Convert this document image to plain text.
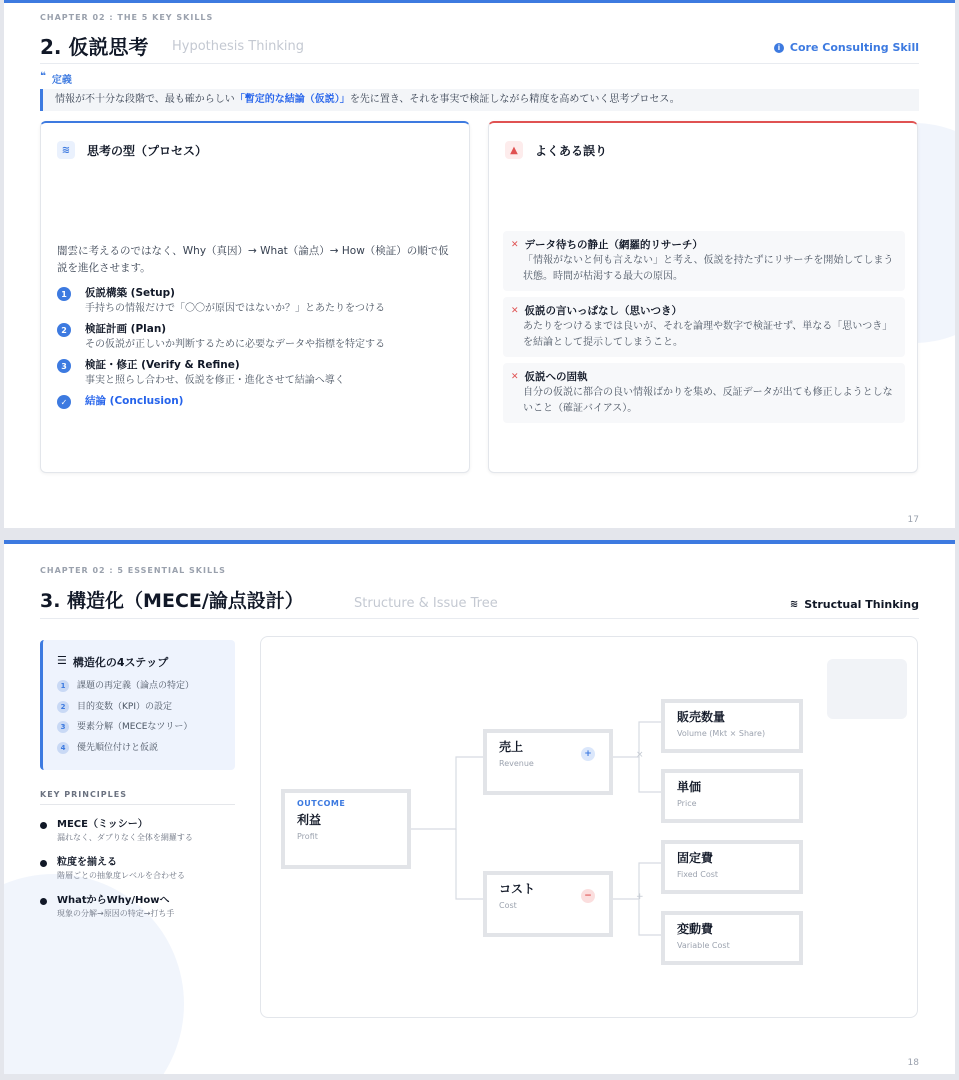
CHAPTER 02 : THE 5 KEY SKILLS
2. 仮説思考 Hypothesis Thinking	i Core Consulting Skill
❝ 定義
情報が不十分な段階で、最も確からしい「暫定的な結論（仮説）」を先に置き、それを事実で検証しながら精度を高めていく思考プロセス。
≋	思考の型（プロセス）
闇雲に考えるのではなく、Why（真因）→ What（論点）→ How（検証）の順で仮説を進化させます。
1	仮説構築 (Setup)
手持ちの情報だけで「〇〇が原因ではないか？」とあたりをつける
2	検証計画 (Plan)
その仮説が正しいか判断するために必要なデータや指標を特定する
3	検証・修正 (Verify & Refine)
事実と照らし合わせ、仮説を修正・進化させて結論へ導く
✓	結論 (Conclusion)
▲	よくある誤り
✕ データ待ちの静止（網羅的リサーチ）
「情報がないと何も言えない」と考え、仮説を持たずにリサーチを開始してしまう状態。時間が枯渇する最大の原因。
✕ 仮説の言いっぱなし（思いつき）
あたりをつけるまでは良いが、それを論理や数字で検証せず、単なる「思いつき」を結論として提示してしまうこと。
✕ 仮説への固執
自分の仮説に都合の良い情報ばかりを集め、反証データが出ても修正しようとしないこと（確証バイアス）。
17
CHAPTER 02 : 5 ESSENTIAL SKILLS
3. 構造化（MECE/論点設計）	Structure & Issue Tree	≋ Structual Thinking
☰ 構造化の4ステップ
1	課題の再定義（論点の特定）
2	目的変数（KPI）の設定
3	要素分解（MECEなツリー）
4	優先順位付けと仮説
KEY PRINCIPLES
MECE（ミッシー）
漏れなく、ダブりなく全体を網羅する
粒度を揃える
階層ごとの抽象度レベルを合わせる
WhatからWhy/Howへ
現象の分解→原因の特定→打ち手
OUTCOME
利益
Profit
売上
Revenue
+
コスト
Cost
−
×
+
販売数量
Volume (Mkt × Share)
単価
Price
固定費
Fixed Cost
変動費
Variable Cost
18
